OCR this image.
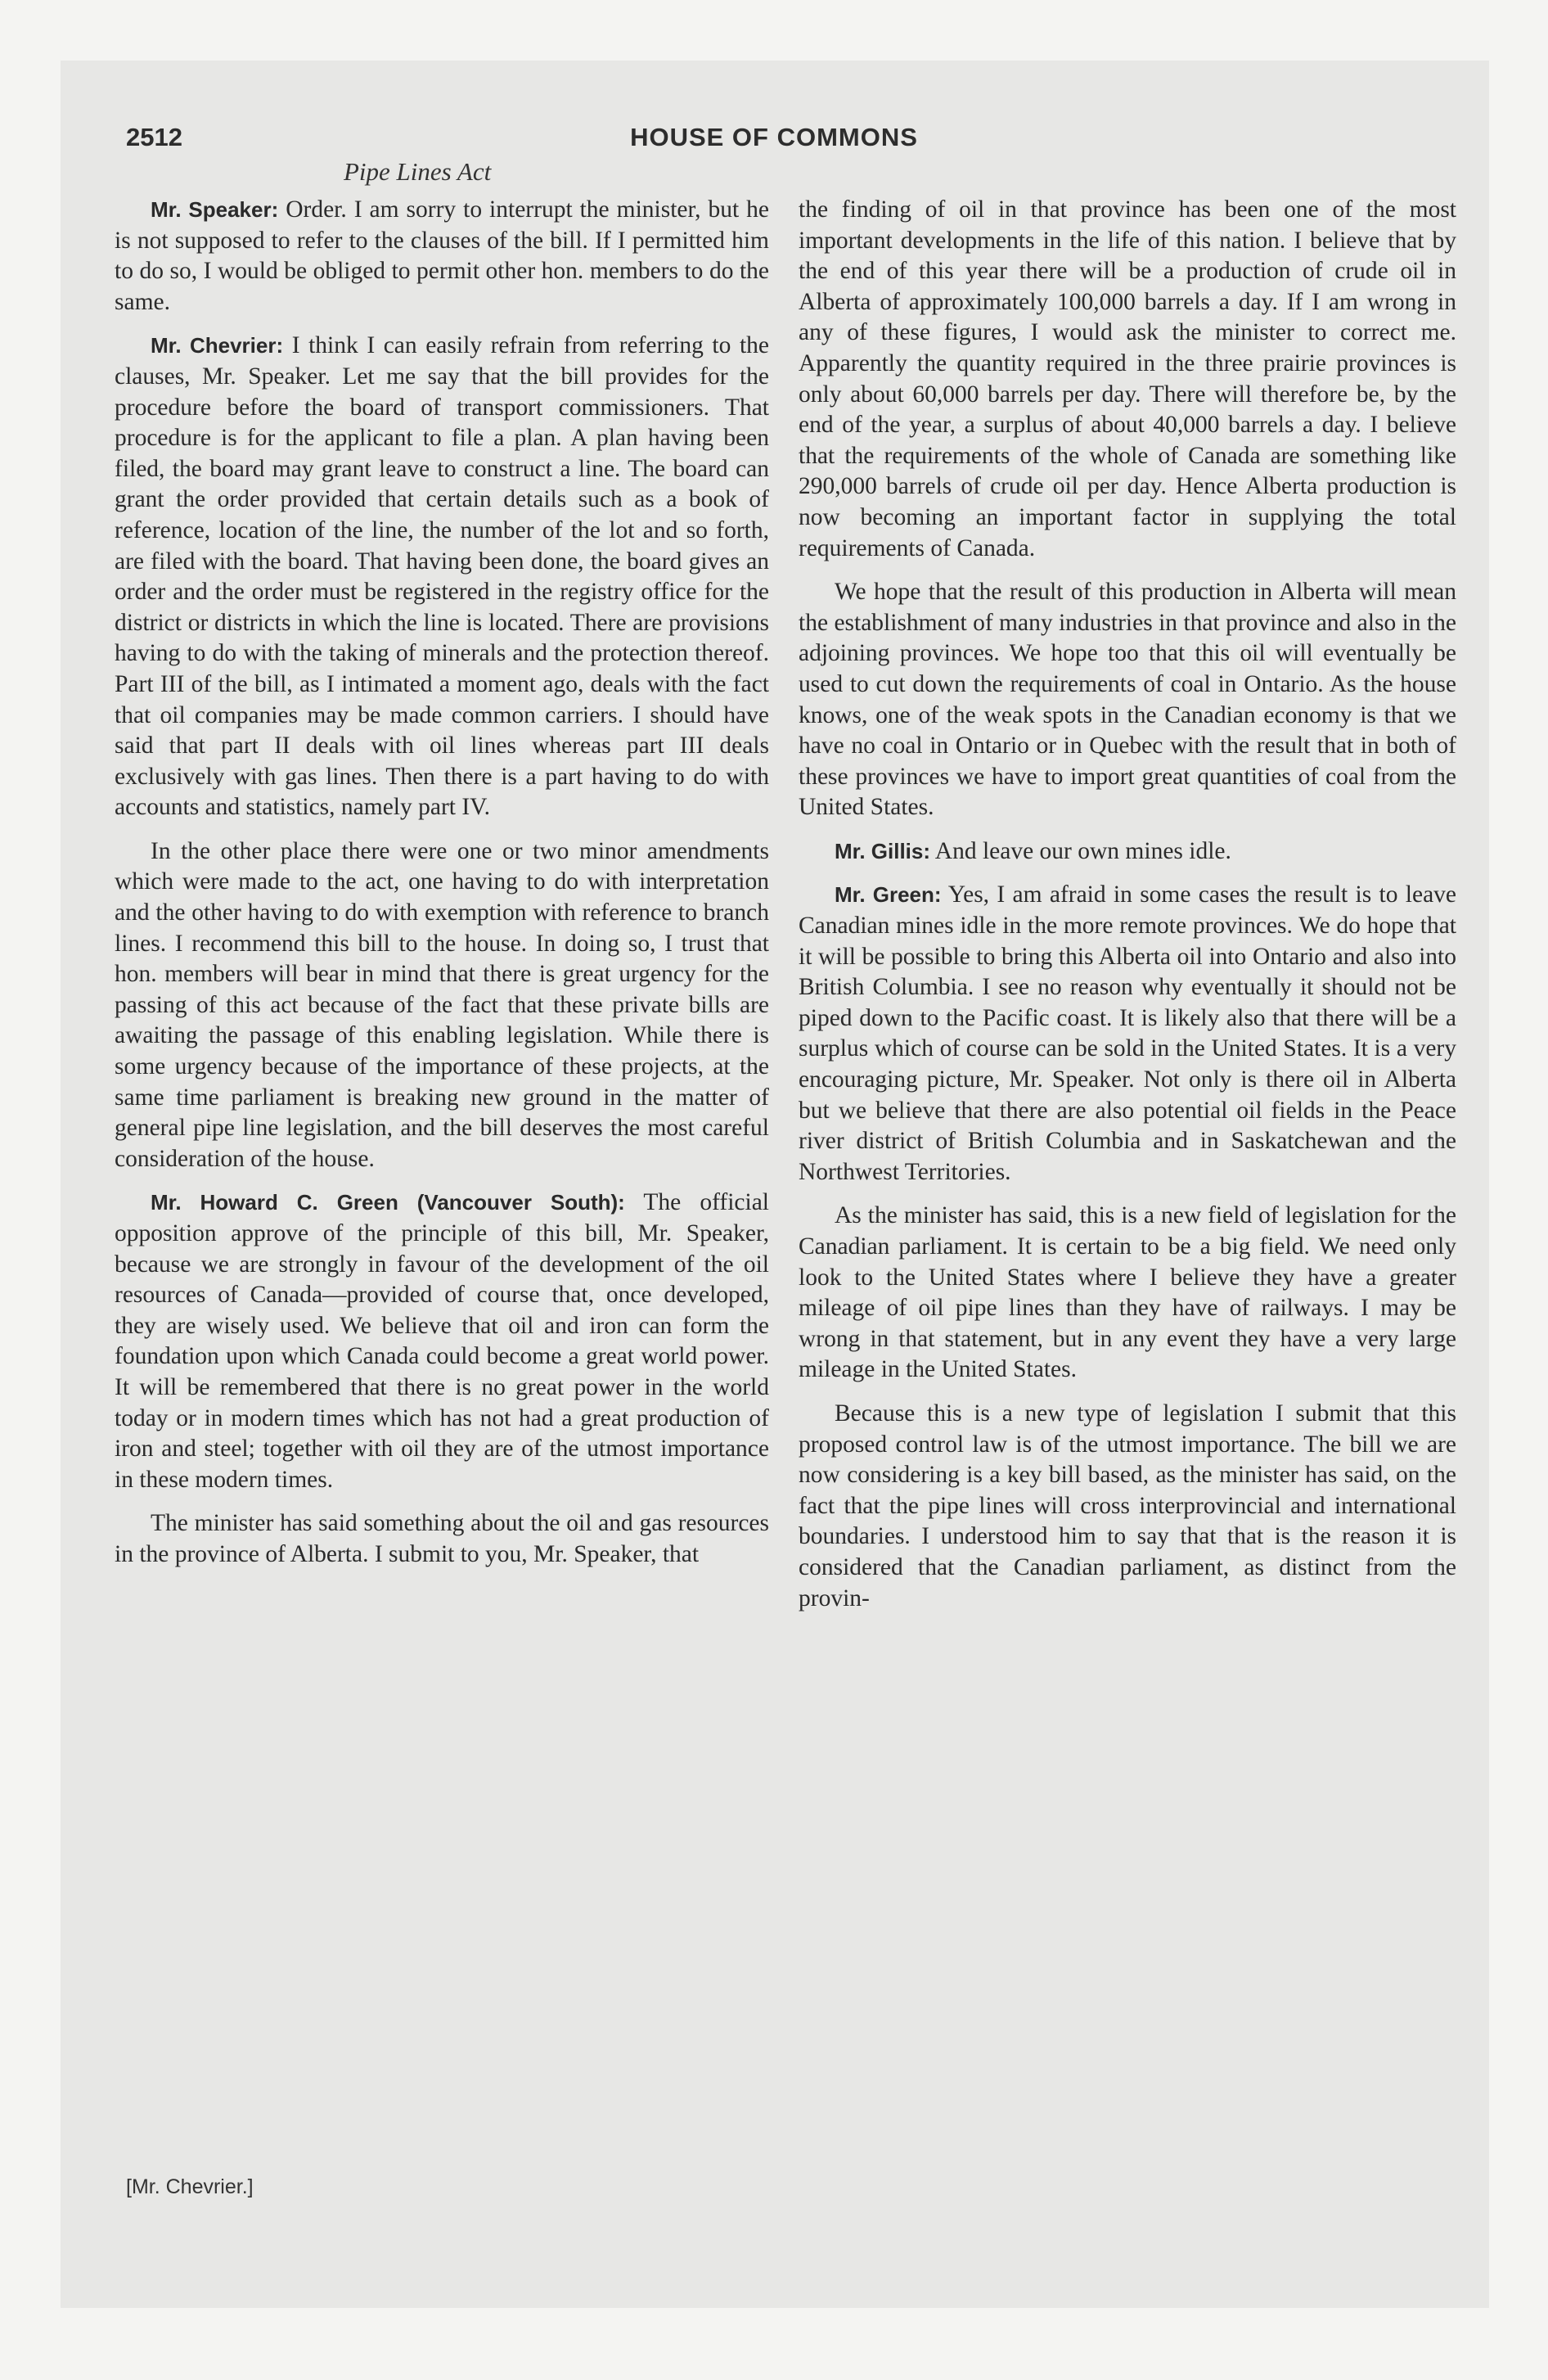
2512	HOUSE OF COMMONS
Pipe Lines Act

Mr. Speaker: Order. I am sorry to interrupt the minister, but he is not supposed to refer to the clauses of the bill. If I permitted him to do so, I would be obliged to permit other hon. members to do the same.

Mr. Chevrier: I think I can easily refrain from referring to the clauses, Mr. Speaker. Let me say that the bill provides for the procedure before the board of transport commissioners. That procedure is for the applicant to file a plan. A plan having been filed, the board may grant leave to construct a line. The board can grant the order provided that certain details such as a book of reference, location of the line, the number of the lot and so forth, are filed with the board. That having been done, the board gives an order and the order must be registered in the registry office for the district or districts in which the line is located. There are provisions having to do with the taking of minerals and the protection thereof. Part III of the bill, as I intimated a moment ago, deals with the fact that oil companies may be made common carriers. I should have said that part II deals with oil lines whereas part III deals exclusively with gas lines. Then there is a part having to do with accounts and statistics, namely part IV.

In the other place there were one or two minor amendments which were made to the act, one having to do with interpretation and the other having to do with exemption with reference to branch lines. I recommend this bill to the house. In doing so, I trust that hon. members will bear in mind that there is great urgency for the passing of this act because of the fact that these private bills are awaiting the passage of this enabling legislation. While there is some urgency because of the importance of these projects, at the same time parliament is breaking new ground in the matter of general pipe line legislation, and the bill deserves the most careful consideration of the house.

Mr. Howard C. Green (Vancouver South): The official opposition approve of the principle of this bill, Mr. Speaker, because we are strongly in favour of the development of the oil resources of Canada—provided of course that, once developed, they are wisely used. We believe that oil and iron can form the foundation upon which Canada could become a great world power. It will be remembered that there is no great power in the world today or in modern times which has not had a great production of iron and steel; together with oil they are of the utmost importance in these modern times.

The minister has said something about the oil and gas resources in the province of Alberta. I submit to you, Mr. Speaker, that

the finding of oil in that province has been one of the most important developments in the life of this nation. I believe that by the end of this year there will be a production of crude oil in Alberta of approximately 100,000 barrels a day. If I am wrong in any of these figures, I would ask the minister to correct me. Apparently the quantity required in the three prairie provinces is only about 60,000 barrels per day. There will therefore be, by the end of the year, a surplus of about 40,000 barrels a day. I believe that the requirements of the whole of Canada are something like 290,000 barrels of crude oil per day. Hence Alberta production is now becoming an important factor in supplying the total requirements of Canada.

We hope that the result of this production in Alberta will mean the establishment of many industries in that province and also in the adjoining provinces. We hope too that this oil will eventually be used to cut down the requirements of coal in Ontario. As the house knows, one of the weak spots in the Canadian economy is that we have no coal in Ontario or in Quebec with the result that in both of these provinces we have to import great quantities of coal from the United States.

Mr. Gillis: And leave our own mines idle.

Mr. Green: Yes, I am afraid in some cases the result is to leave Canadian mines idle in the more remote provinces. We do hope that it will be possible to bring this Alberta oil into Ontario and also into British Columbia. I see no reason why eventually it should not be piped down to the Pacific coast. It is likely also that there will be a surplus which of course can be sold in the United States. It is a very encouraging picture, Mr. Speaker. Not only is there oil in Alberta but we believe that there are also potential oil fields in the Peace river district of British Columbia and in Saskatchewan and the Northwest Territories.

As the minister has said, this is a new field of legislation for the Canadian parliament. It is certain to be a big field. We need only look to the United States where I believe they have a greater mileage of oil pipe lines than they have of railways. I may be wrong in that statement, but in any event they have a very large mileage in the United States.

Because this is a new type of legislation I submit that this proposed control law is of the utmost importance. The bill we are now considering is a key bill based, as the minister has said, on the fact that the pipe lines will cross interprovincial and international boundaries. I understood him to say that that is the reason it is considered that the Canadian parliament, as distinct from the provin-

[Mr. Chevrier.]
